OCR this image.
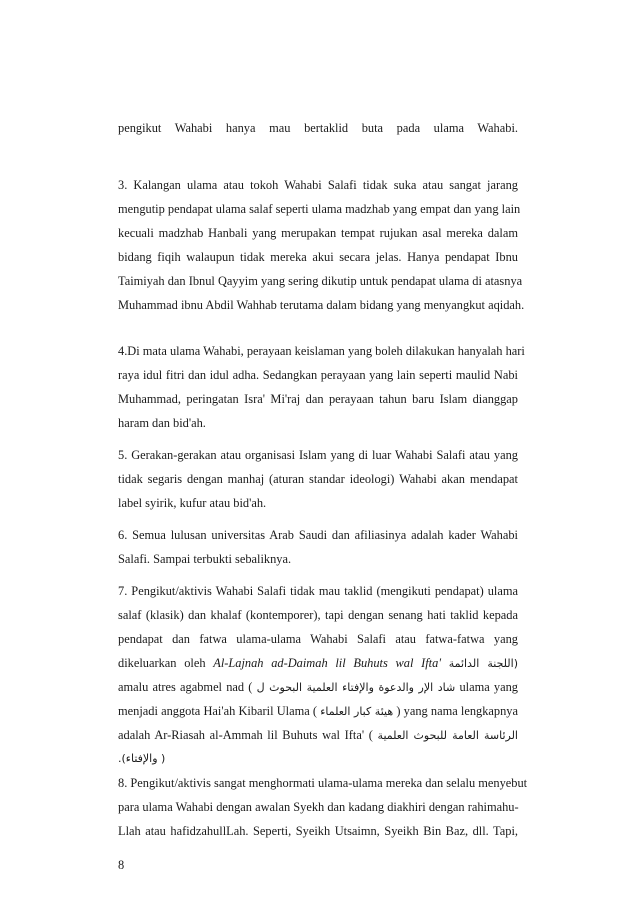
pengikut Wahabi hanya mau bertaklid buta pada ulama Wahabi.
3. Kalangan ulama atau tokoh Wahabi Salafi tidak suka atau sangat jarang
mengutip pendapat ulama salaf seperti ulama madzhab yang empat dan yang lain
kecuali madzhab Hanbali yang merupakan tempat rujukan asal mereka dalam
bidang fiqih walaupun tidak mereka akui secara jelas. Hanya pendapat Ibnu
Taimiyah dan Ibnul Qayyim yang sering dikutip untuk pendapat ulama di atasnya
Muhammad ibnu Abdil Wahhab terutama dalam bidang yang menyangkut aqidah.
4.Di mata ulama Wahabi, perayaan keislaman yang boleh dilakukan hanyalah hari
raya idul fitri dan idul adha. Sedangkan perayaan yang lain seperti maulid Nabi
Muhammad, peringatan Isra' Mi'raj dan perayaan tahun baru Islam dianggap
haram dan bid'ah.
5. Gerakan-gerakan atau organisasi Islam yang di luar Wahabi Salafi atau yang
tidak segaris dengan manhaj (aturan standar ideologi) Wahabi akan mendapat
label syirik, kufur atau bid'ah.
6. Semua lulusan universitas Arab Saudi dan afiliasinya adalah kader Wahabi
Salafi. Sampai terbukti sebaliknya.
7. Pengikut/aktivis Wahabi Salafi tidak mau taklid (mengikuti pendapat) ulama
salaf (klasik) dan khalaf (kontemporer), tapi dengan senang hati taklid kepada
pendapat dan fatwa ulama-ulama Wahabi Salafi atau fatwa-fatwa yang
dikeluarkan oleh Al-Lajnah ad-Daimah lil Buhuts wal Ifta' (اللجنة الدائمة
amalu atres agabmel nad ( شاد الإر والدعوة والإفتاء العلمية البحوث ل ulama yang
menjadi anggota Hai'ah Kibaril Ulama ( هيئة كبار العلماء ) yang nama lengkapnya
adalah Ar-Riasah al-Ammah lil Buhuts wal Ifta' ( الرئاسة العامة للبحوث العلمية
.(والإفتاء )
8. Pengikut/aktivis sangat menghormati ulama-ulama mereka dan selalu menyebut
para ulama Wahabi dengan awalan Syekh dan kadang diakhiri dengan rahimahu-
Llah atau hafidzahullLah. Seperti, Syeikh Utsaimn, Syeikh Bin Baz, dll. Tapi,
8
